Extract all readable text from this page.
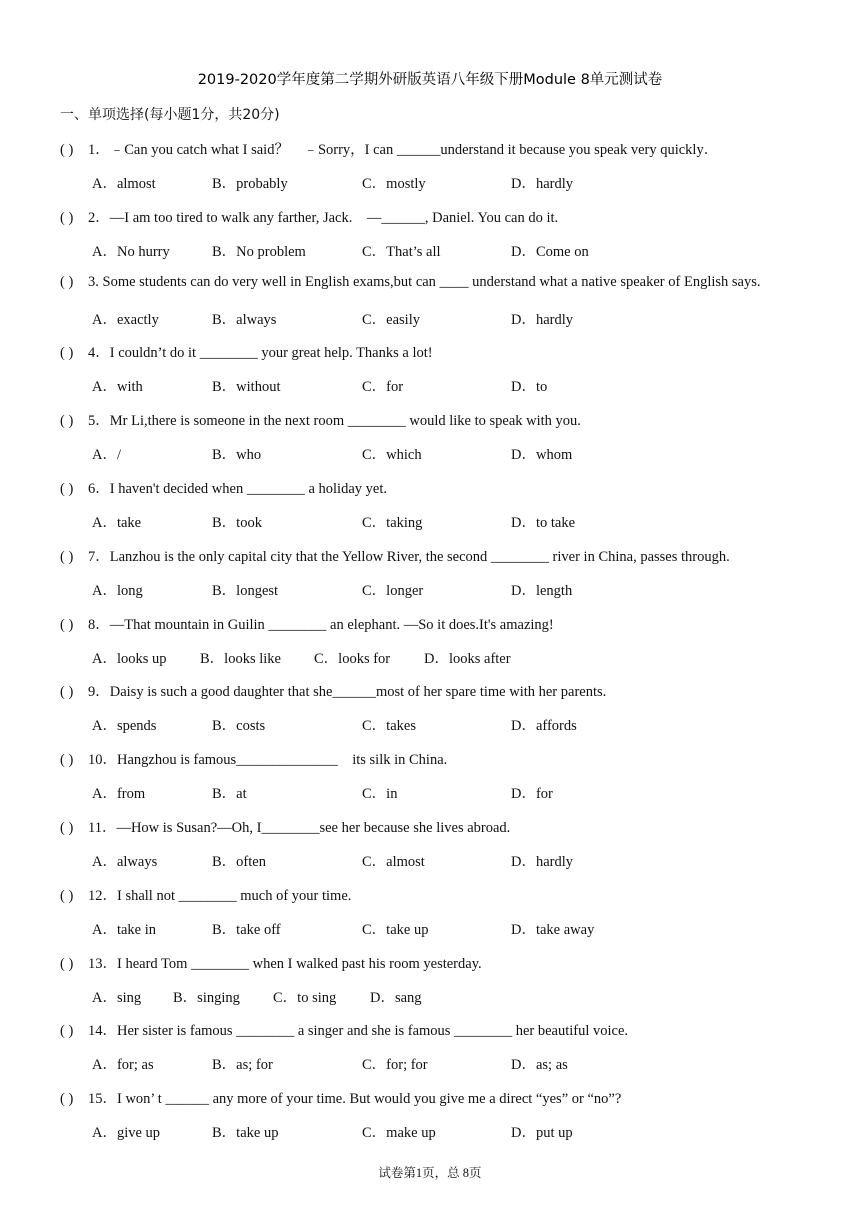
2019-2020学年度第二学期外研版英语八年级下册Module 8单元测试卷
一、单项选择(每小题1分，共20分)
( ) 1．﹣Can you catch what I said？　﹣Sorry，I can ______understand it because you speak very quickly．
A．almost	B．probably	C．mostly	D．hardly
( ) 2．—I am too tired to walk any farther, Jack.　—______, Daniel. You can do it.
A．No hurry	B．No problem	C．That’s all	D．Come on
( ) 3. Some students can do very well in English exams,but can ____ understand what a native speaker of English says.
A．exactly	B．always	C．easily	D．hardly
( ) 4．I couldn’t do it ________ your great help. Thanks a lot!
A．with	B．without	C．for	D．to
( ) 5．Mr Li,there is someone in the next room ________ would like to speak with you.
A．/	B．who	C．which	D．whom
( ) 6．I haven't decided when ________ a holiday yet.
A．take	B．took	C．taking	D．to take
( ) 7．Lanzhou is the only capital city that the Yellow River, the second ________ river in China, passes through.
A．long	B．longest	C．longer	D．length
( ) 8．—That mountain in Guilin ________ an elephant. —So it does.It's amazing!
A．looks up B．looks like C．looks for D．looks after
( ) 9．Daisy is such a good daughter that she______most of her spare time with her parents.
A．spends	B．costs	C．takes	D．affords
( ) 10．Hangzhou is famous______________　its silk in China.
A．from	B．at	C．in	D．for
( ) 11．—How is Susan?—Oh, I________see her because she lives abroad.
A．always	B．often	C．almost	D．hardly
( ) 12．I shall not ________ much of your time.
A．take in	B．take off	C．take up	D．take away
( ) 13．I heard Tom ________ when I walked past his room yesterday.
A．sing B．singing C．to sing D．sang
( ) 14．Her sister is famous ________ a singer and she is famous ________ her beautiful voice.
A．for; as	B．as; for	C．for; for	D．as; as
( ) 15．I won’ t ______ any more of your time. But would you give me a direct “yes” or “no”?
A．give up	B．take up	C．make up	D．put up
试卷第1页，总 8页
